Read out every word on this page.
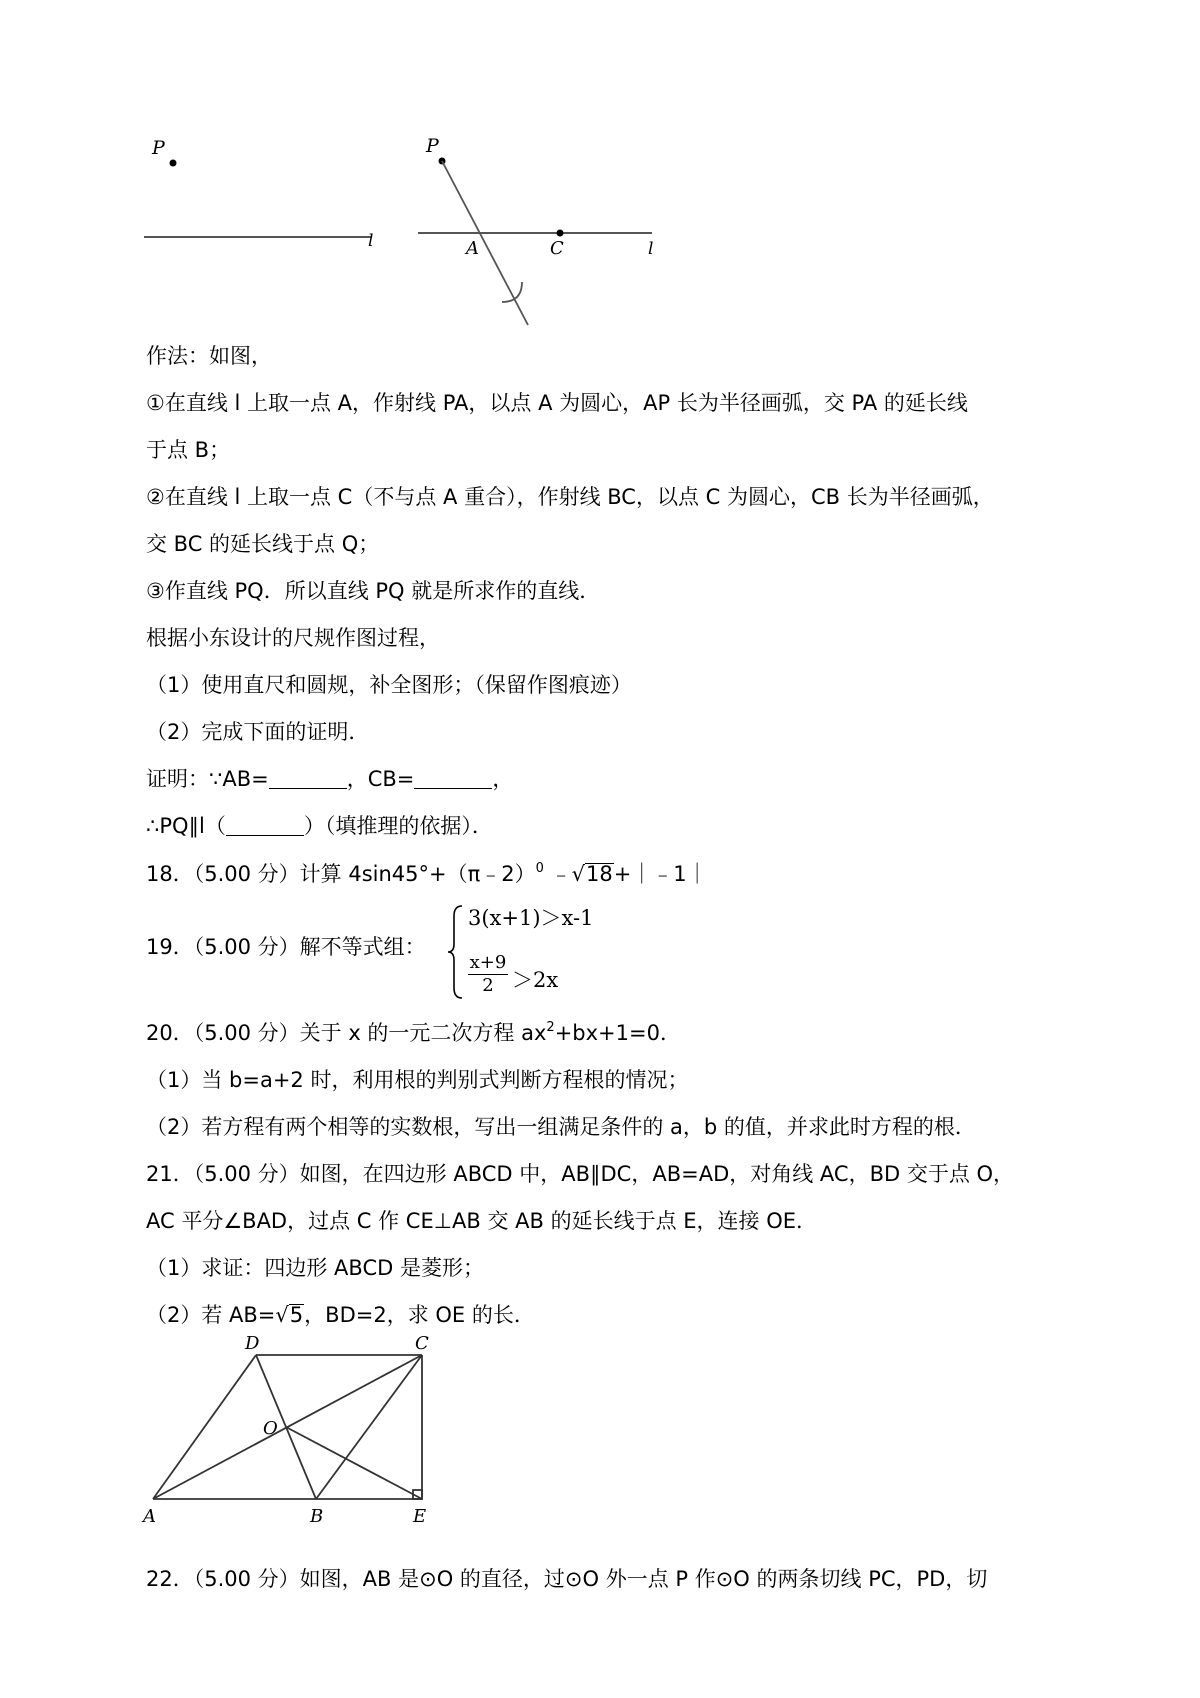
P
l
P
A	C	l
作法：如图，
①在直线 l 上取一点 A，作射线 PA，以点 A 为圆心，AP 长为半径画弧，交 PA 的延长线
于点 B；
②在直线 l 上取一点 C（不与点 A 重合），作射线 BC，以点 C 为圆心，CB 长为半径画弧，
交 BC 的延长线于点 Q；
③作直线 PQ．所以直线 PQ 就是所求作的直线．
根据小东设计的尺规作图过程，
（1）使用直尺和圆规，补全图形；（保留作图痕迹）
（2）完成下面的证明．
证明：∵AB=	，CB=	，
∴PQ∥l（	）（填推理的依据）．
18．（5.00 分）计算 4sin45°+（π﹣2）$^0$ ﹣√18+｜﹣1｜
19．（5.00 分）解不等式组：
3(x+1)＞x-1
$\frac{x+9}{2} >2x$
20．（5.00 分）关于 x 的一元二次方程 $ax^2+bx+1=0$．
（1）当 b=a+2 时，利用根的判别式判断方程根的情况；
（2）若方程有两个相等的实数根，写出一组满足条件的 a，b 的值，并求此时方程的根．
21．（5.00 分）如图，在四边形 ABCD 中，AB∥DC，AB=AD，对角线 AC，BD 交于点 O，
AC 平分∠BAD，过点 C 作 CE⊥AB 交 AB 的延长线于点 E，连接 OE．
（1）求证：四边形 ABCD 是菱形；
（2）若 AB=√5，BD=2，求 OE 的长．
D	C
O
A	B	E
22．（5.00 分）如图，AB 是⊙O 的直径，过⊙O 外一点 P 作⊙O 的两条切线 PC，PD，切
